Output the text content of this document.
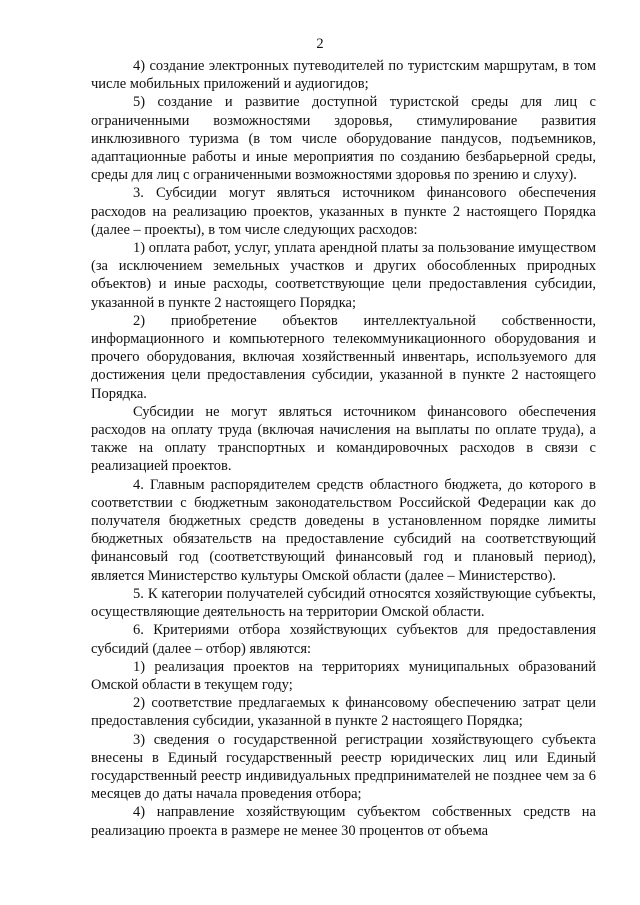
2

4) создание электронных путеводителей по туристским маршрутам, в том числе мобильных приложений и аудиогидов;

5) создание и развитие доступной туристской среды для лиц с ограниченными возможностями здоровья, стимулирование развития инклюзивного туризма (в том числе оборудование пандусов, подъемников, адаптационные работы и иные мероприятия по созданию безбарьерной среды, среды для лиц с ограниченными возможностями здоровья по зрению и слуху).

3. Субсидии могут являться источником финансового обеспечения расходов на реализацию проектов, указанных в пункте 2 настоящего Порядка (далее – проекты), в том числе следующих расходов:

1) оплата работ, услуг, уплата арендной платы за пользование имуществом (за исключением земельных участков и других обособленных природных объектов) и иные расходы, соответствующие цели предоставления субсидии, указанной в пункте 2 настоящего Порядка;

2) приобретение объектов интеллектуальной собственности, информационного и компьютерного телекоммуникационного оборудования и прочего оборудования, включая хозяйственный инвентарь, используемого для достижения цели предоставления субсидии, указанной в пункте 2 настоящего Порядка.

Субсидии не могут являться источником финансового обеспечения расходов на оплату труда (включая начисления на выплаты по оплате труда), а также на оплату транспортных и командировочных расходов в связи с реализацией проектов.

4. Главным распорядителем средств областного бюджета, до которого в соответствии с бюджетным законодательством Российской Федерации как до получателя бюджетных средств доведены в установленном порядке лимиты бюджетных обязательств на предоставление субсидий на соответствующий финансовый год (соответствующий финансовый год и плановый период), является Министерство культуры Омской области (далее – Министерство).

5. К категории получателей субсидий относятся хозяйствующие субъекты, осуществляющие деятельность на территории Омской области.

6. Критериями отбора хозяйствующих субъектов для предоставления субсидий (далее – отбор) являются:

1) реализация проектов на территориях муниципальных образований Омской области в текущем году;

2) соответствие предлагаемых к финансовому обеспечению затрат цели предоставления субсидии, указанной в пункте 2 настоящего Порядка;

3) сведения о государственной регистрации хозяйствующего субъекта внесены в Единый государственный реестр юридических лиц или Единый государственный реестр индивидуальных предпринимателей не позднее чем за 6 месяцев до даты начала проведения отбора;

4) направление хозяйствующим субъектом собственных средств на реализацию проекта в размере не менее 30 процентов от объема
